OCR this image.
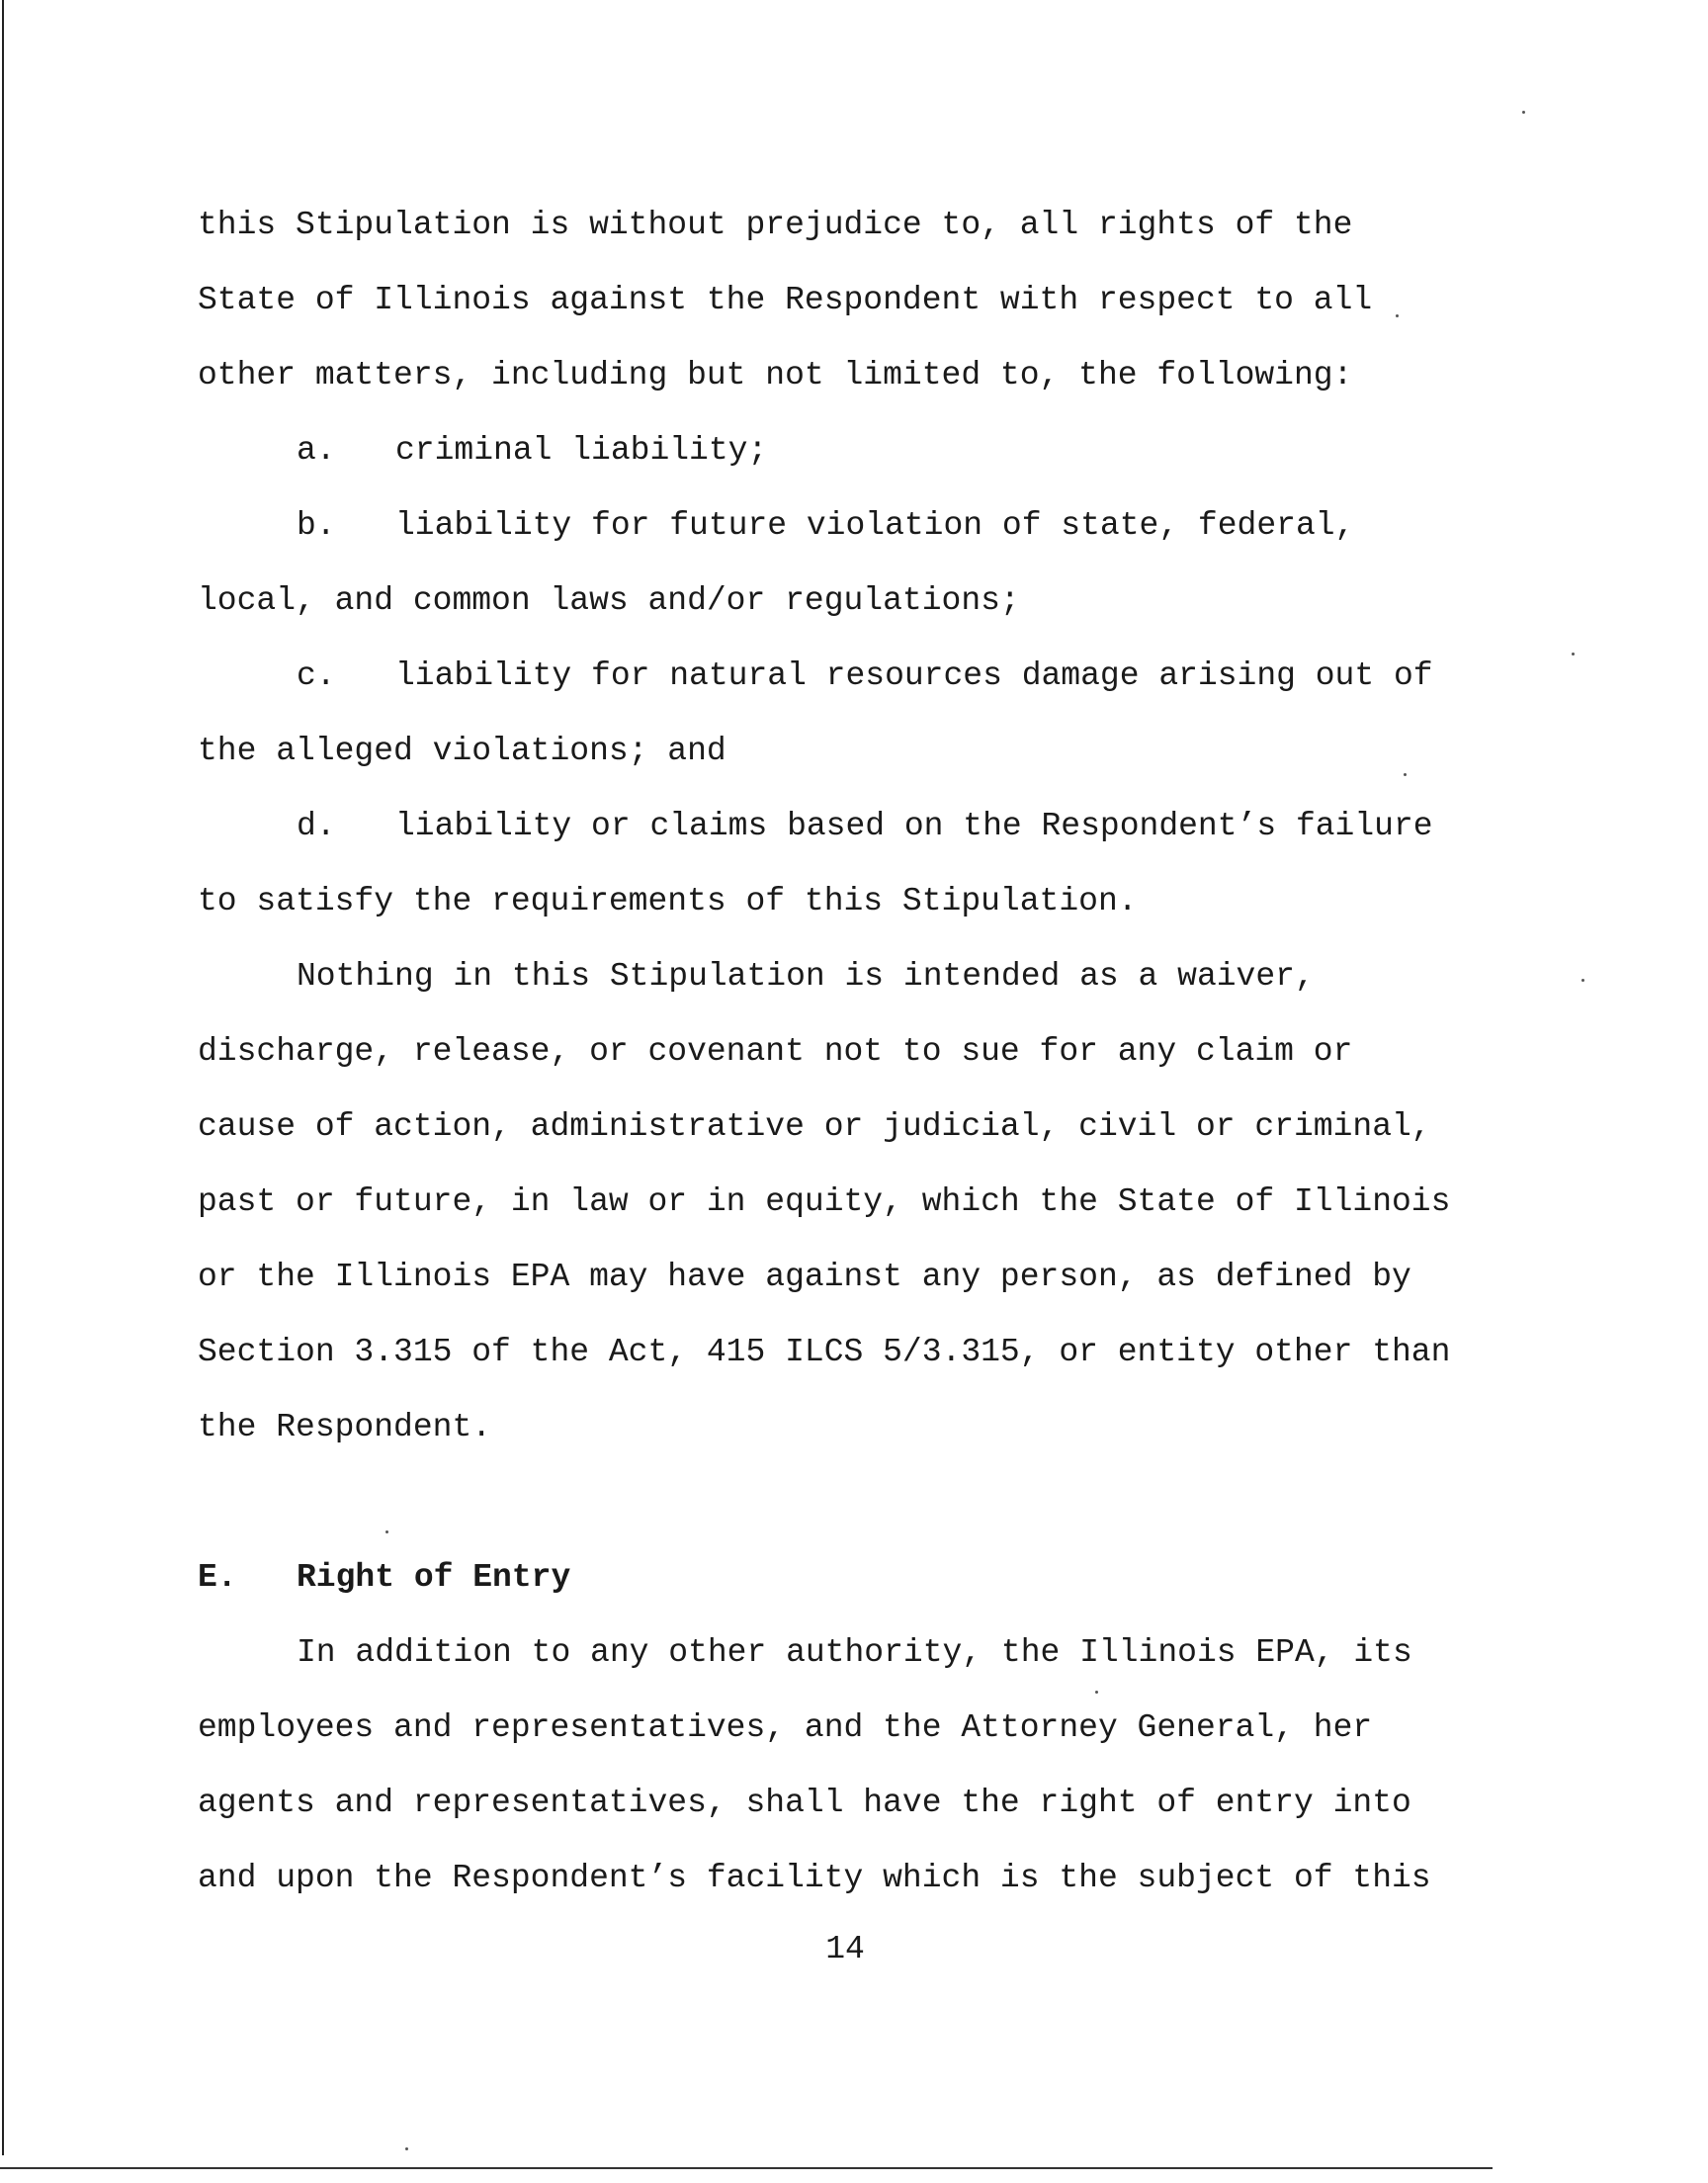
this Stipulation is without prejudice to, all rights of the
State of Illinois against the Respondent with respect to all
other matters, including but not limited to, the following:
a. criminal liability;
b. liability for future violation of state, federal,
local, and common laws and/or regulations;
c. liability for natural resources damage arising out of
the alleged violations; and
d. liability or claims based on the Respondent’s failure
to satisfy the requirements of this Stipulation.
Nothing in this Stipulation is intended as a waiver,
discharge, release, or covenant not to sue for any claim or
cause of action, administrative or judicial, civil or criminal,
past or future, in law or in equity, which the State of Illinois
or the Illinois EPA may have against any person, as defined by
Section 3.315 of the Act, 415 ILCS 5/3.315, or entity other than
the Respondent.
E. Right of Entry
In addition to any other authority, the Illinois EPA, its
employees and representatives, and the Attorney General, her
agents and representatives, shall have the right of entry into
and upon the Respondent’s facility which is the subject of this
14
